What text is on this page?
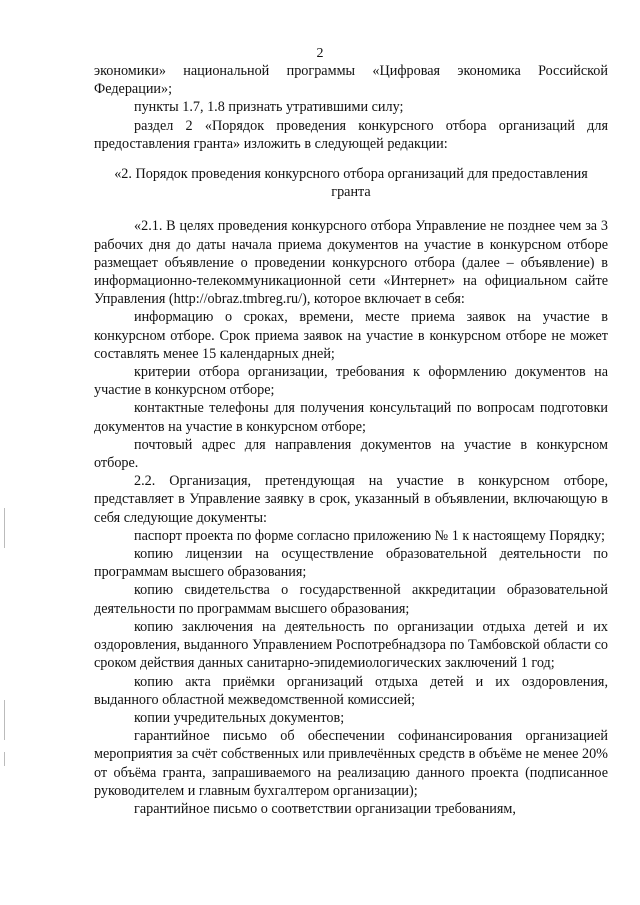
2

экономики» национальной программы «Цифровая экономика Российской Федерации»;

пункты 1.7, 1.8 признать утратившими силу;

раздел 2 «Порядок проведения конкурсного отбора организаций для предоставления гранта» изложить в следующей редакции:

«2. Порядок проведения конкурсного отбора организаций для предоставления гранта

«2.1. В целях проведения конкурсного отбора Управление не позднее чем за 3 рабочих дня до даты начала приема документов на участие в конкурсном отборе размещает объявление о проведении конкурсного отбора (далее – объявление) в информационно-телекоммуникационной сети «Интернет» на официальном сайте Управления (http://obraz.tmbreg.ru/), которое включает в себя:

информацию о сроках, времени, месте приема заявок на участие в конкурсном отборе. Срок приема заявок на участие в конкурсном отборе не может составлять менее 15 календарных дней;

критерии отбора организации, требования к оформлению документов на участие в конкурсном отборе;

контактные телефоны для получения консультаций по вопросам подготовки документов на участие в конкурсном отборе;

почтовый адрес для направления документов на участие в конкурсном отборе.

2.2. Организация, претендующая на участие в конкурсном отборе, представляет в Управление заявку в срок, указанный в объявлении, включающую в себя следующие документы:

паспорт проекта по форме согласно приложению № 1 к настоящему Порядку;

копию лицензии на осуществление образовательной деятельности по программам высшего образования;

копию свидетельства о государственной аккредитации образовательной деятельности по программам высшего образования;

копию заключения на деятельность по организации отдыха детей и их оздоровления, выданного Управлением Роспотребнадзора по Тамбовской области со сроком действия данных санитарно-эпидемиологических заключений 1 год;

копию акта приёмки организаций отдыха детей и их оздоровления, выданного областной межведомственной комиссией;

копии учредительных документов;

гарантийное письмо об обеспечении софинансирования организацией мероприятия за счёт собственных или привлечённых средств в объёме не менее 20% от объёма гранта, запрашиваемого на реализацию данного проекта (подписанное руководителем и главным бухгалтером организации);

гарантийное письмо о соответствии организации требованиям,
